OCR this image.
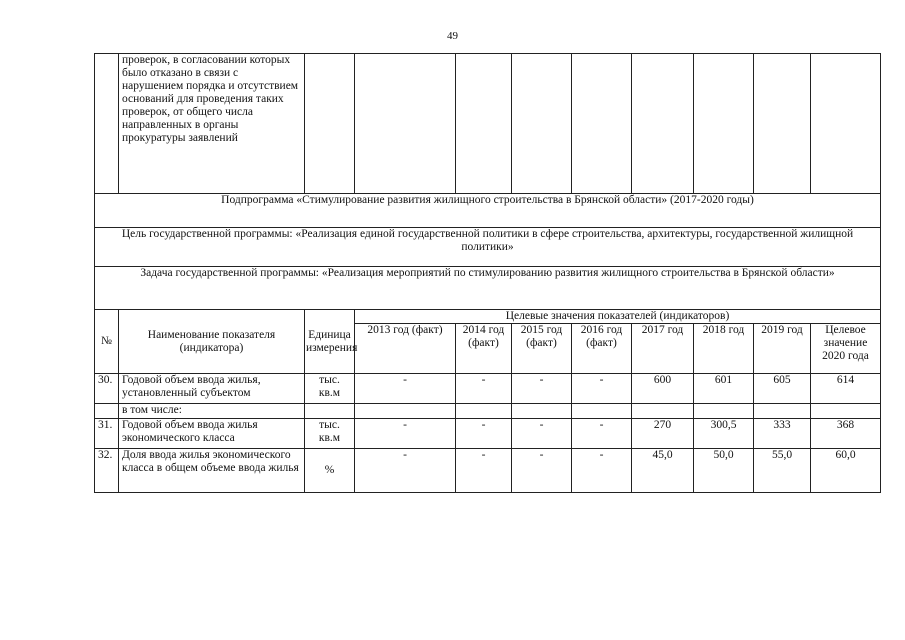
49
	проверок, в согласовании которых было отказано в связи с нарушением порядка и отсутствием оснований для проведения таких проверок, от общего числа направленных в органы прокуратуры заявлений									
Подпрограмма «Стимулирование развития жилищного строительства в Брянской области» (2017-2020 годы)										
Цель государственной программы: «Реализация единой государственной политики в сфере строительства, архитектуры, государственной жилищной политики»										
Задача государственной программы: «Реализация мероприятий по стимулированию развития жилищного строительства в Брянской области»										
№	Наименование показателя (индикатора)	Единица измерения	Целевые значения показателей (индикаторов)							
			2013 год (факт)	2014 год (факт)	2015 год (факт)	2016 год (факт)	2017 год	2018 год	2019 год	Целевое значение 2020 года
30.	Годовой объем ввода жилья, установленный субъектом	тыс. кв.м	-	-	-	-	600	601	605	614
	в том числе:									
31.	Годовой объем ввода жилья экономического класса	тыс. кв.м	-	-	-	-	270	300,5	333	368
32.	Доля ввода жилья экономического класса в общем объеме ввода жилья	%	-	-	-	-	45,0	50,0	55,0	60,0
